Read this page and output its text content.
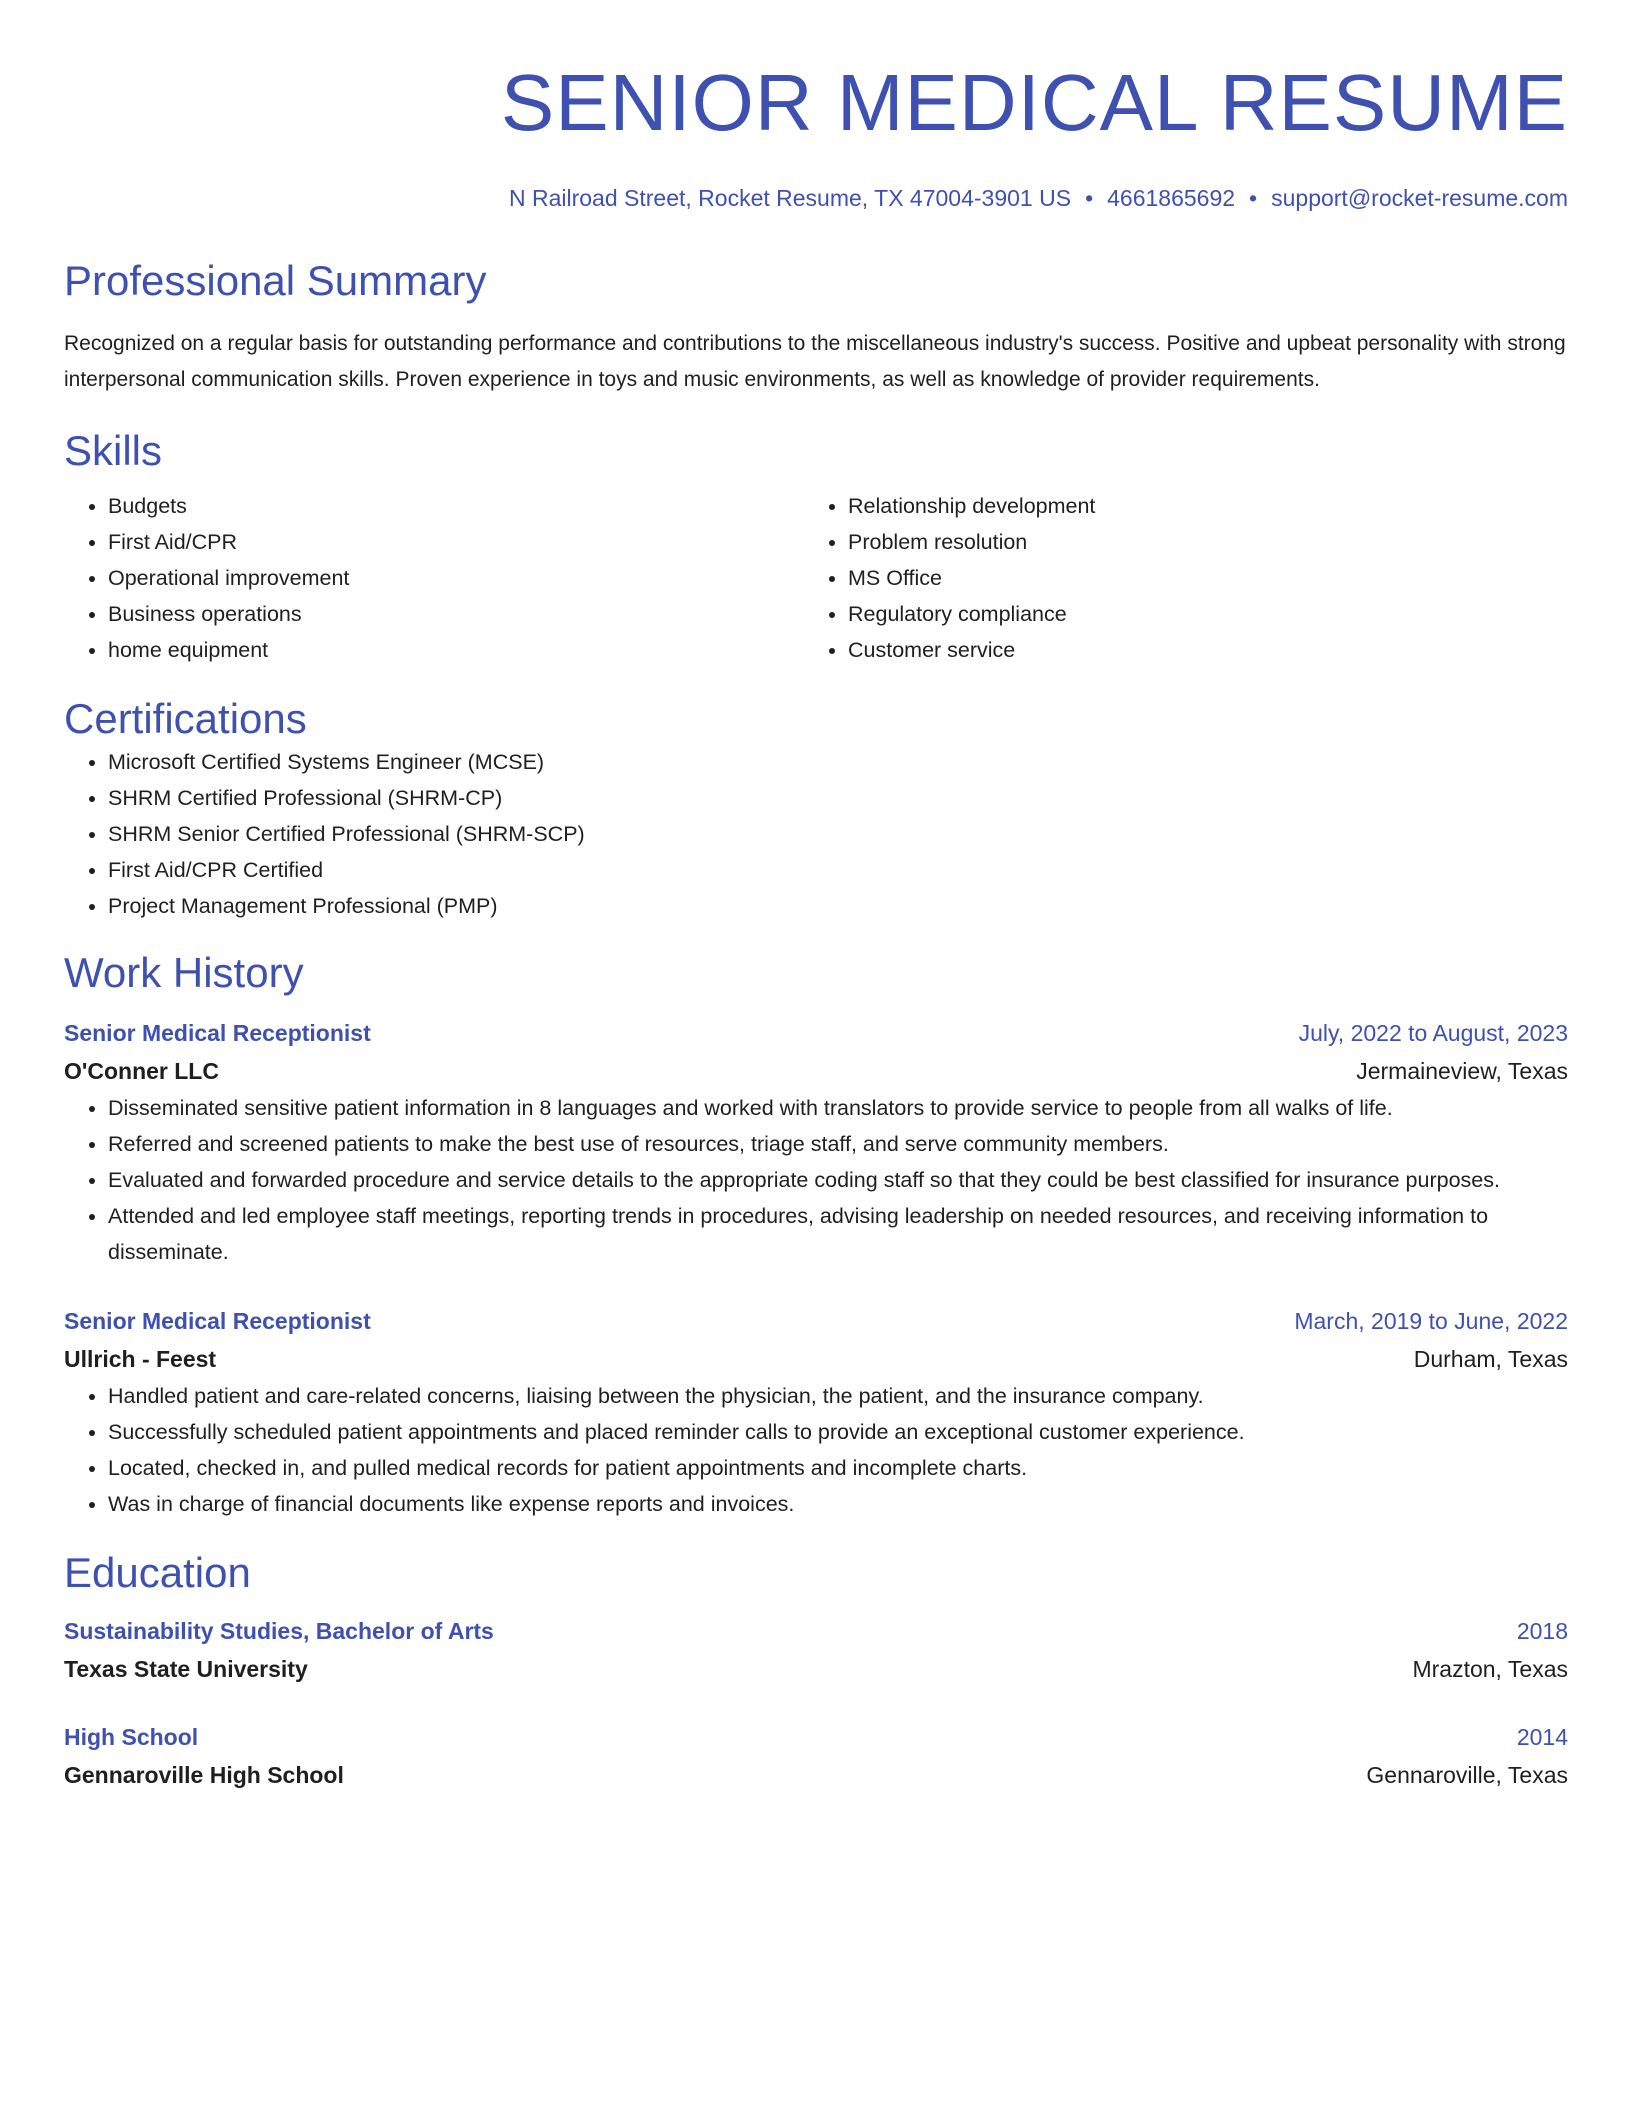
SENIOR MEDICAL RESUME
N Railroad Street, Rocket Resume, TX 47004-3901 US • 4661865692 • support@rocket-resume.com
Professional Summary
Recognized on a regular basis for outstanding performance and contributions to the miscellaneous industry's success. Positive and upbeat personality with strong interpersonal communication skills. Proven experience in toys and music environments, as well as knowledge of provider requirements.
Skills
• Budgets
• First Aid/CPR
• Operational improvement
• Business operations
• home equipment
• Relationship development
• Problem resolution
• MS Office
• Regulatory compliance
• Customer service
Certifications
• Microsoft Certified Systems Engineer (MCSE)
• SHRM Certified Professional (SHRM-CP)
• SHRM Senior Certified Professional (SHRM-SCP)
• First Aid/CPR Certified
• Project Management Professional (PMP)
Work History
Senior Medical Receptionist	July, 2022 to August, 2023
O'Conner LLC	Jermaineview, Texas
• Disseminated sensitive patient information in 8 languages and worked with translators to provide service to people from all walks of life.
• Referred and screened patients to make the best use of resources, triage staff, and serve community members.
• Evaluated and forwarded procedure and service details to the appropriate coding staff so that they could be best classified for insurance purposes.
• Attended and led employee staff meetings, reporting trends in procedures, advising leadership on needed resources, and receiving information to disseminate.
Senior Medical Receptionist	March, 2019 to June, 2022
Ullrich - Feest	Durham, Texas
• Handled patient and care-related concerns, liaising between the physician, the patient, and the insurance company.
• Successfully scheduled patient appointments and placed reminder calls to provide an exceptional customer experience.
• Located, checked in, and pulled medical records for patient appointments and incomplete charts.
• Was in charge of financial documents like expense reports and invoices.
Education
Sustainability Studies, Bachelor of Arts	2018
Texas State University	Mrazton, Texas
High School	2014
Gennaroville High School	Gennaroville, Texas
